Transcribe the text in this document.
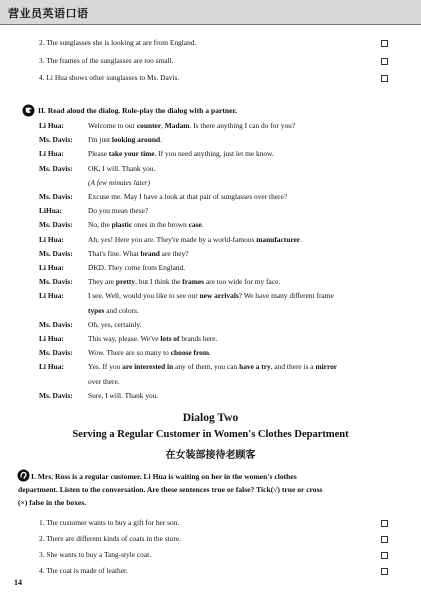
营业员英语口语
2. The sunglasses she is looking at are from England.
3. The frames of the sunglasses are too small.
4. Li Hua shows other sunglasses to Ms. Davis.
II. Read aloud the dialog. Role-play the dialog with a partner.
Li Hua:	Welcome to our counter, Madam. Is there anything I can do for you?
Ms. Davis: I'm just looking around.
Li Hua:	Please take your time. If you need anything, just let me know.
Ms. Davis: OK, I will. Thank you.
(A few minutes later)
Ms. Davis: Excuse me. May I have a look at that pair of sunglasses over there?
LiHua:	Do you mean these?
Ms. Davis: No, the plastic ones in the brown case.
Li Hua:	Ah, yes! Here you are. They're made by a world-famous manufacturer.
Ms. Davis: That's fine. What brand are they?
Li Hua:	DKD. They come from England.
Ms. Davis: They are pretty, but I think the frames are too wide for my face.
Li Hua:	I see. Well, would you like to see our new arrivals? We have many different frame
types and colors.
Ms. Davis: Oh, yes, certainly.
Li Hua:	This way, please. We've lots of brands here.
Ms. Davis: Wow. There are so many to choose from.
Li Hua:	Yes. If you are interested in any of them, you can have a try, and there is a mirror
over there.
Ms. Davis: Sure, I will. Thank you.
Dialog Two
Serving a Regular Customer in Women's Clothes Department
在女装部接待老顾客
I. Mrs. Ross is a regular customer. Li Hua is waiting on her in the women's clothes
department. Listen to the conversation. Are these sentences true or false? Tick(√) true or cross
(×) false in the boxes.
1. The customer wants to buy a gift for her son.
2. There are different kinds of coats in the store.
3. She wants to buy a Tang-style coat.
4. The coat is made of leather.
14
